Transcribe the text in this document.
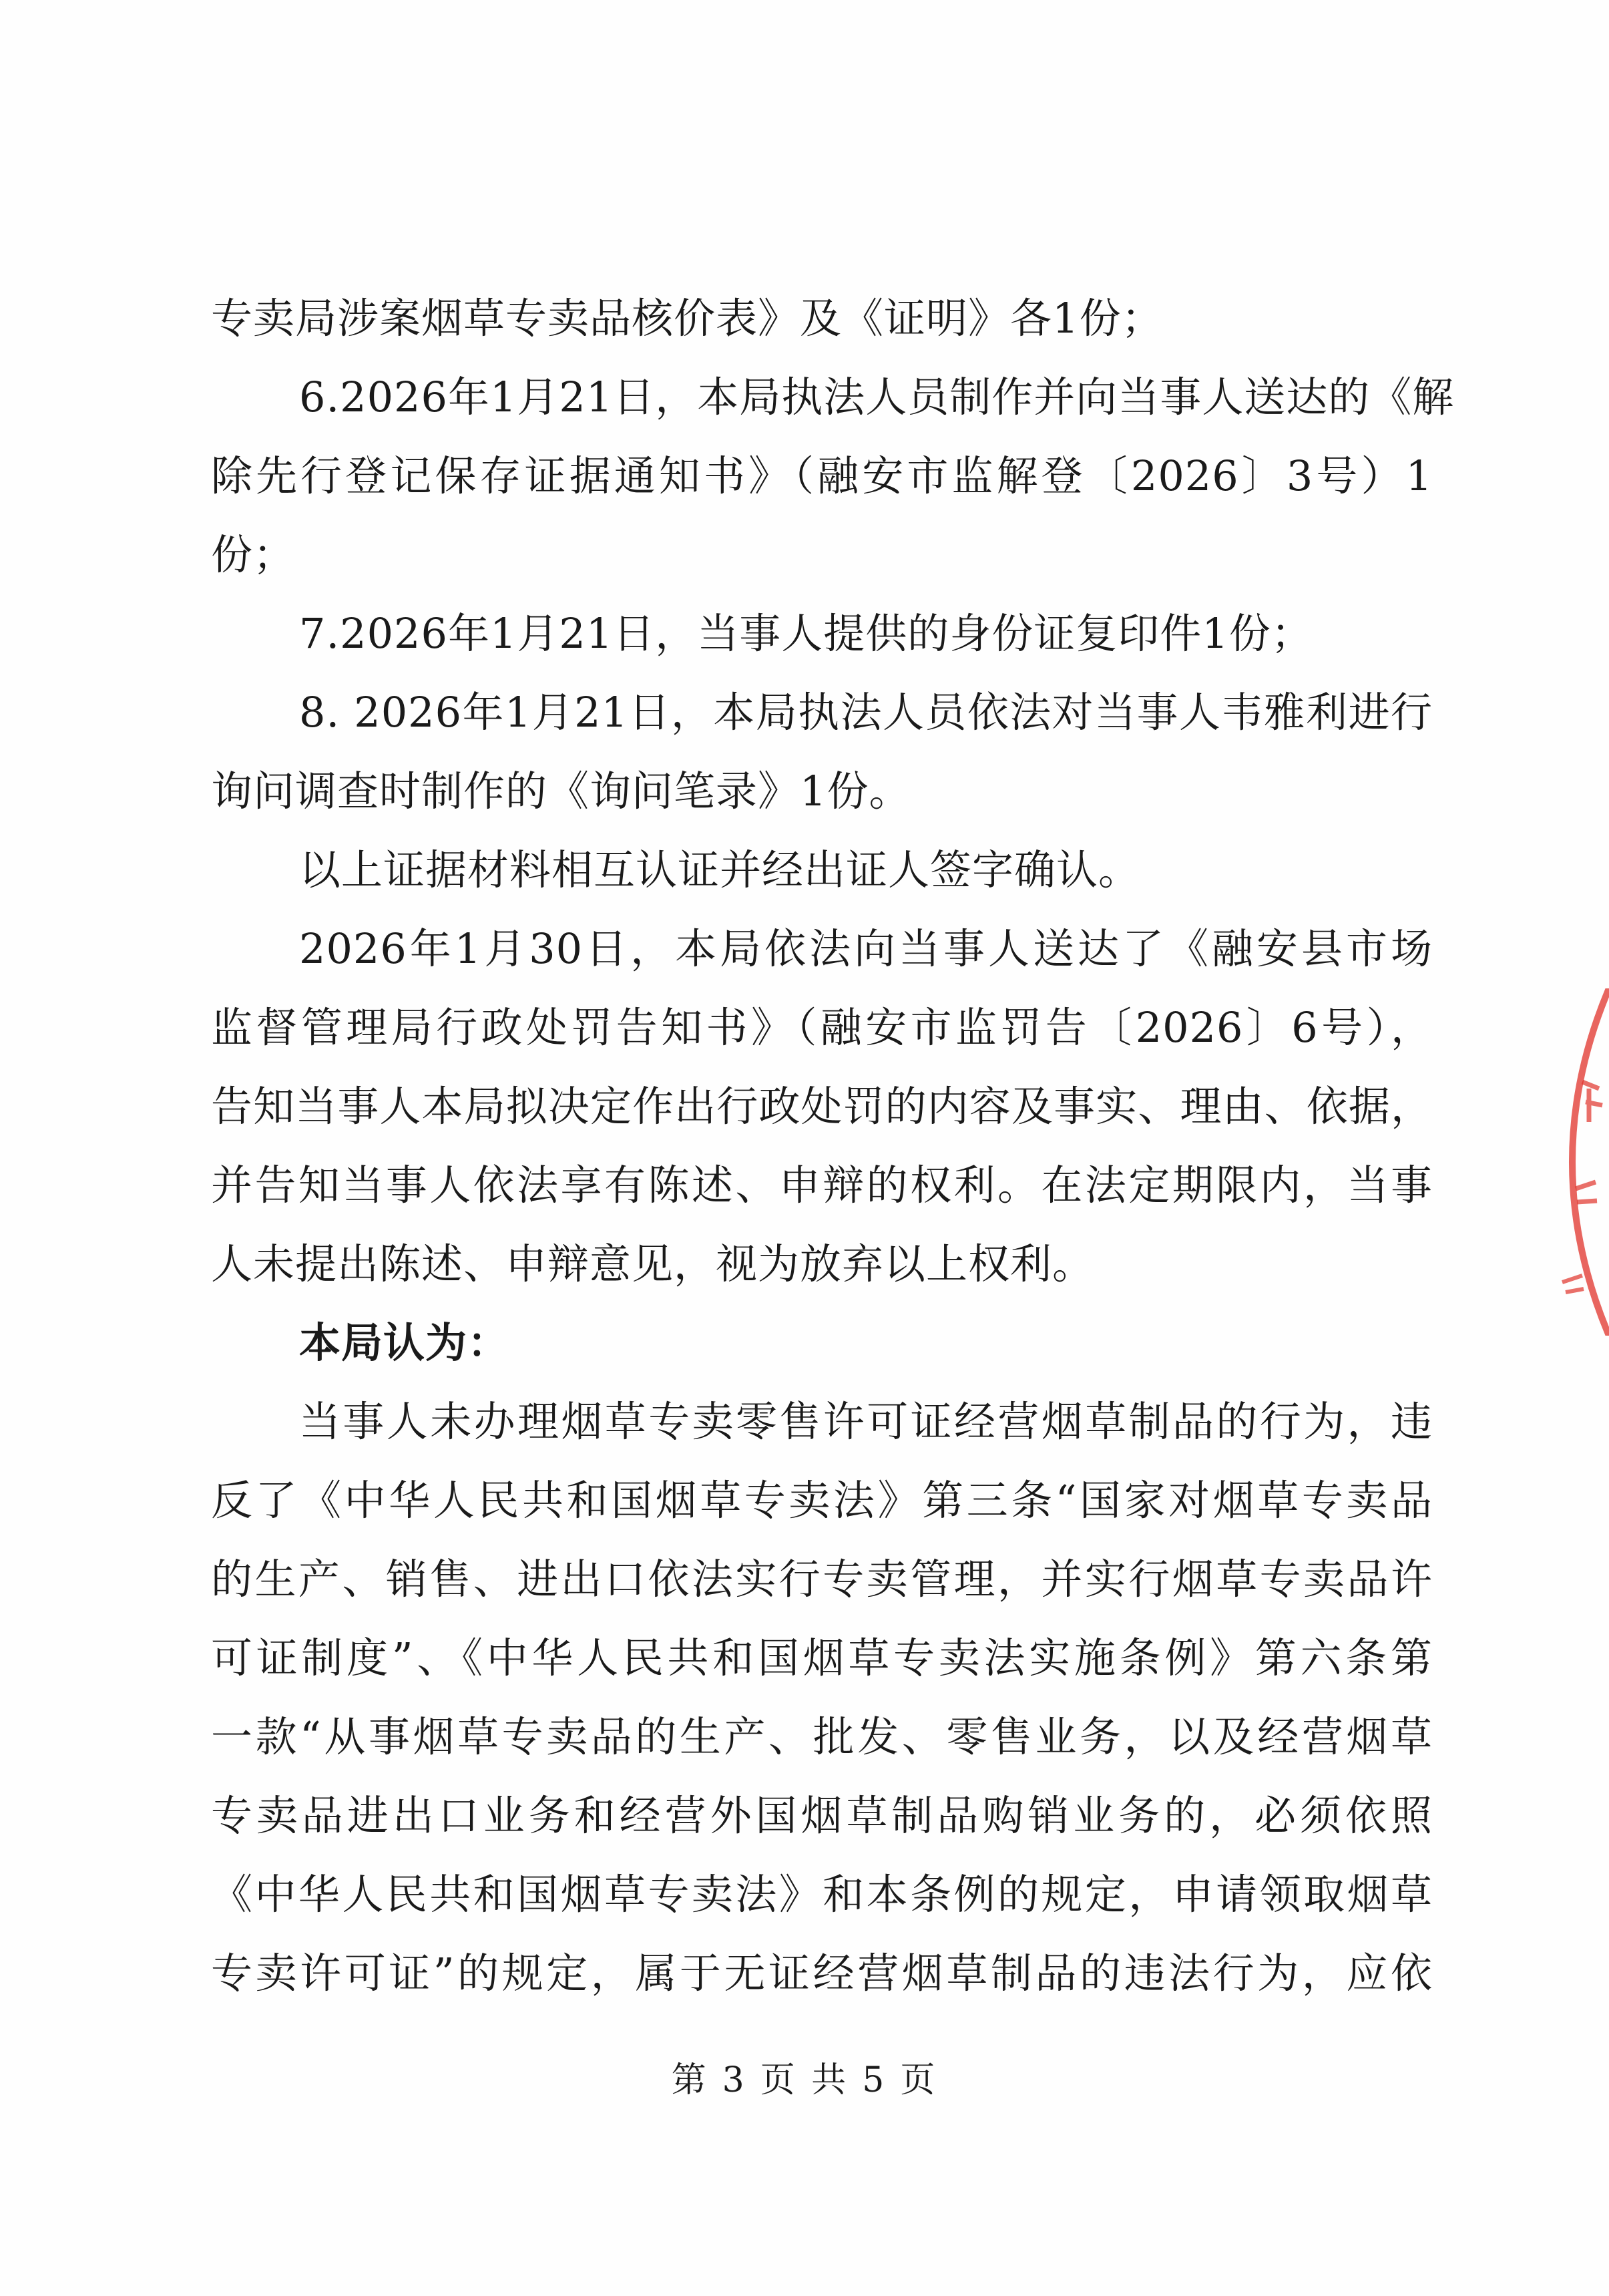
专卖局涉案烟草专卖品核价表》及《证明》各1份；
6.2026年1月21日，本局执法人员制作并向当事人送达的《解
除先行登记保存证据通知书》（融安市监解登〔2026〕3号）1
份；
7.2026年1月21日，当事人提供的身份证复印件1份；
8. 2026年1月21日，本局执法人员依法对当事人韦雅利进行
询问调查时制作的《询问笔录》1份。
以上证据材料相互认证并经出证人签字确认。
2026年1月30日，本局依法向当事人送达了《融安县市场
监督管理局行政处罚告知书》（融安市监罚告〔2026〕6号），
告知当事人本局拟决定作出行政处罚的内容及事实、理由、依据，
并告知当事人依法享有陈述、申辩的权利。在法定期限内，当事
人未提出陈述、申辩意见，视为放弃以上权利。
本局认为：
当事人未办理烟草专卖零售许可证经营烟草制品的行为，违
反了《中华人民共和国烟草专卖法》第三条“国家对烟草专卖品
的生产、销售、进出口依法实行专卖管理，并实行烟草专卖品许
可证制度”、《中华人民共和国烟草专卖法实施条例》第六条第
一款“从事烟草专卖品的生产、批发、零售业务，以及经营烟草
专卖品进出口业务和经营外国烟草制品购销业务的，必须依照
《中华人民共和国烟草专卖法》和本条例的规定，申请领取烟草
专卖许可证”的规定，属于无证经营烟草制品的违法行为，应依
第 3 页 共 5 页
